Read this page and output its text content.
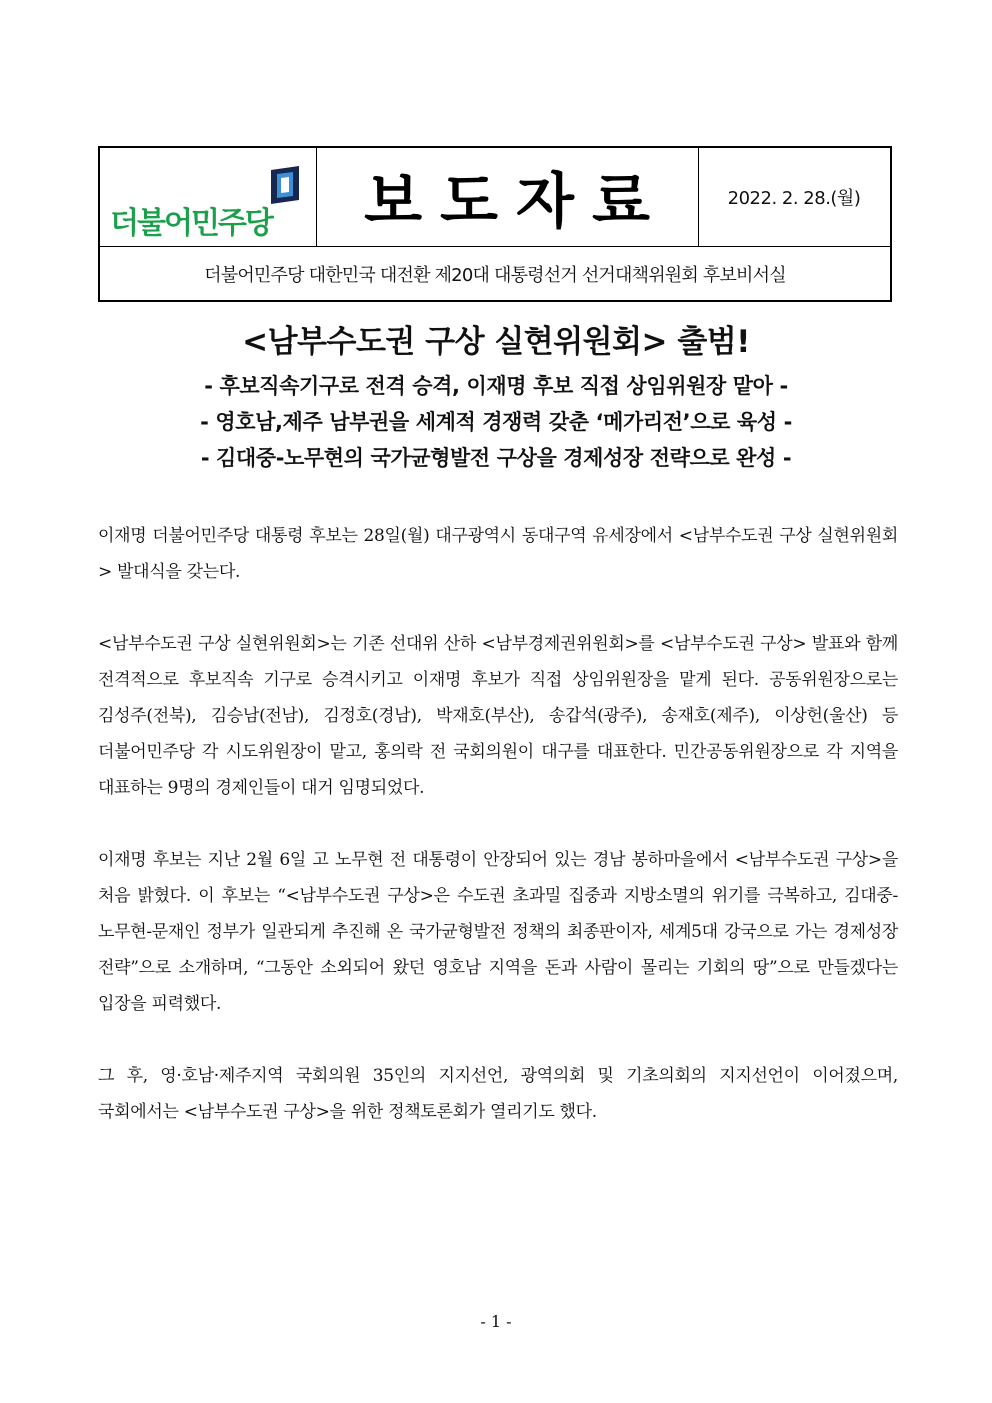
더불어민주당	보도자료	2022. 2. 28.(월)
더불어민주당 대한민국 대전환 제20대 대통령선거 선거대책위원회 후보비서실
<남부수도권 구상 실현위원회> 출범!
- 후보직속기구로 전격 승격, 이재명 후보 직접 상임위원장 맡아 -
- 영호남,제주 남부권을 세계적 경쟁력 갖춘 ‘메가리전’으로 육성 -
- 김대중-노무현의 국가균형발전 구상을 경제성장 전략으로 완성 -

이재명 더불어민주당 대통령 후보는 28일(월) 대구광역시 동대구역 유세장에서 <남부수도권 구상 실현위원회> 발대식을 갖는다.

<남부수도권 구상 실현위원회>는 기존 선대위 산하 <남부경제권위원회>를 <남부수도권 구상> 발표와 함께 전격적으로 후보직속 기구로 승격시키고 이재명 후보가 직접 상임위원장을 맡게 된다. 공동위원장으로는 김성주(전북), 김승남(전남), 김정호(경남), 박재호(부산), 송갑석(광주), 송재호(제주), 이상헌(울산) 등 더불어민주당 각 시도위원장이 맡고, 홍의락 전 국회의원이 대구를 대표한다. 민간공동위원장으로 각 지역을 대표하는 9명의 경제인들이 대거 임명되었다.

이재명 후보는 지난 2월 6일 고 노무현 전 대통령이 안장되어 있는 경남 봉하마을에서 <남부수도권 구상>을 처음 밝혔다. 이 후보는 “<남부수도권 구상>은 수도권 초과밀 집중과 지방소멸의 위기를 극복하고, 김대중-노무현-문재인 정부가 일관되게 추진해 온 국가균형발전 정책의 최종판이자, 세계5대 강국으로 가는 경제성장 전략”으로 소개하며, “그동안 소외되어 왔던 영호남 지역을 돈과 사람이 몰리는 기회의 땅”으로 만들겠다는 입장을 피력했다.

그 후, 영·호남·제주지역 국회의원 35인의 지지선언, 광역의회 및 기초의회의 지지선언이 이어졌으며, 국회에서는 <남부수도권 구상>을 위한 정책토론회가 열리기도 했다.

- 1 -
